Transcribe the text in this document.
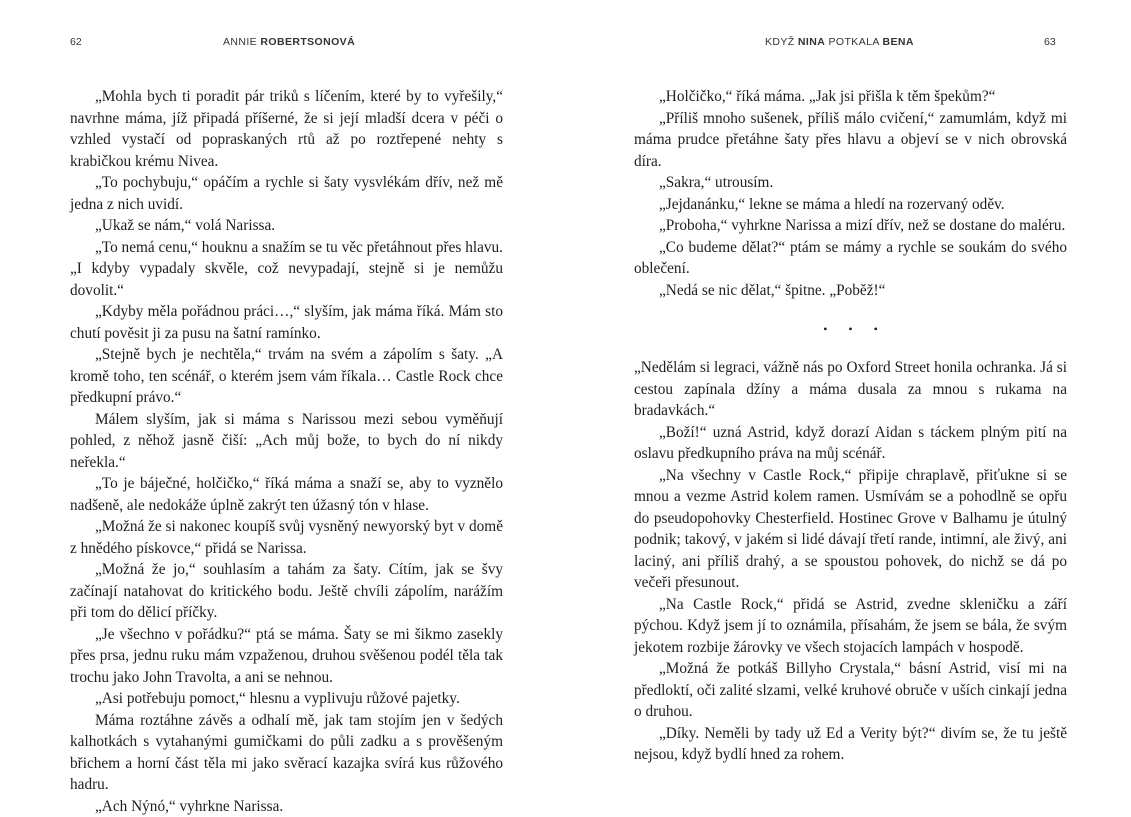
62	ANNIE ROBERTSONOVÁ

„Mohla bych ti poradit pár triků s líčením, které by to vyřešily,“ navrhne máma, jíž připadá příšerné, že si její mladší dcera v péči o vzhled vystačí od popraskaných rtů až po roztřepené nehty s krabičkou krému Nivea.

„To pochybuju,“ opáčím a rychle si šaty vysvlékám dřív, než mě jedna z nich uvidí.

„Ukaž se nám,“ volá Narissa.

„To nemá cenu,“ houknu a snažím se tu věc přetáhnout přes hlavu. „I kdyby vypadaly skvěle, což nevypadají, stejně si je nemůžu dovolit.“

„Kdyby měla pořádnou práci…,“ slyším, jak máma říká. Mám sto chutí pověsit ji za pusu na šatní ramínko.

„Stejně bych je nechtěla,“ trvám na svém a zápolím s šaty. „A kromě toho, ten scénář, o kterém jsem vám říkala… Castle Rock chce předkupní právo.“

Málem slyším, jak si máma s Narissou mezi sebou vyměňují pohled, z něhož jasně čiší: „Ach můj bože, to bych do ní nikdy neřekla.“

„To je báječné, holčičko,“ říká máma a snaží se, aby to vyznělo nadšeně, ale nedokáže úplně zakrýt ten úžasný tón v hlase.

„Možná že si nakonec koupíš svůj vysněný newyorský byt v domě z hnědého pískovce,“ přidá se Narissa.

„Možná že jo,“ souhlasím a tahám za šaty. Cítím, jak se švy začínají natahovat do kritického bodu. Ještě chvíli zápolím, narážím při tom do dělicí příčky.

„Je všechno v pořádku?“ ptá se máma. Šaty se mi šikmo zasekly přes prsa, jednu ruku mám vzpaženou, druhou svěšenou podél těla tak trochu jako John Travolta, a ani se nehnou.

„Asi potřebuju pomoct,“ hlesnu a vyplivuju růžové pajetky.

Máma roztáhne závěs a odhalí mě, jak tam stojím jen v šedých kalhotkách s vytahanými gumičkami do půli zadku a s prověšeným břichem a horní část těla mi jako svěrací kazajka svírá kus růžového hadru.

„Ach Nýnó,“ vyhrkne Narissa.

KDYŽ NINA POTKALA BENA	63

„Holčičko,“ říká máma. „Jak jsi přišla k těm špekům?“

„Příliš mnoho sušenek, příliš málo cvičení,“ zamumlám, když mi máma prudce přetáhne šaty přes hlavu a objeví se v nich obrovská díra.

„Sakra,“ utrousím.

„Jejdanánku,“ lekne se máma a hledí na rozervaný oděv.

„Proboha,“ vyhrkne Narissa a mizí dřív, než se dostane do maléru.

„Co budeme dělat?“ ptám se mámy a rychle se soukám do svého oblečení.

„Nedá se nic dělat,“ špitne. „Poběž!“

• • •

„Nedělám si legraci, vážně nás po Oxford Street honila ochranka. Já si cestou zapínala džíny a máma dusala za mnou s rukama na bradavkách.“

„Boží!“ uzná Astrid, když dorazí Aidan s táckem plným pití na oslavu předkupního práva na můj scénář.

„Na všechny v Castle Rock,“ připije chraplavě, přiťukne si se mnou a vezme Astrid kolem ramen. Usmívám se a pohodlně se opřu do pseudopohovky Chesterfield. Hostinec Grove v Balhamu je útulný podnik; takový, v jakém si lidé dávají třetí rande, intimní, ale živý, ani laciný, ani příliš drahý, a se spoustou pohovek, do nichž se dá po večeři přesunout.

„Na Castle Rock,“ přidá se Astrid, zvedne skleničku a září pýchou. Když jsem jí to oznámila, přísahám, že jsem se bála, že svým jekotem rozbije žárovky ve všech stojacích lampách v hospodě.

„Možná že potkáš Billyho Crystala,“ básní Astrid, visí mi na předloktí, oči zalité slzami, velké kruhové obruče v uších cinkají jedna o druhou.

„Díky. Neměli by tady už Ed a Verity být?“ divím se, že tu ještě nejsou, když bydlí hned za rohem.
